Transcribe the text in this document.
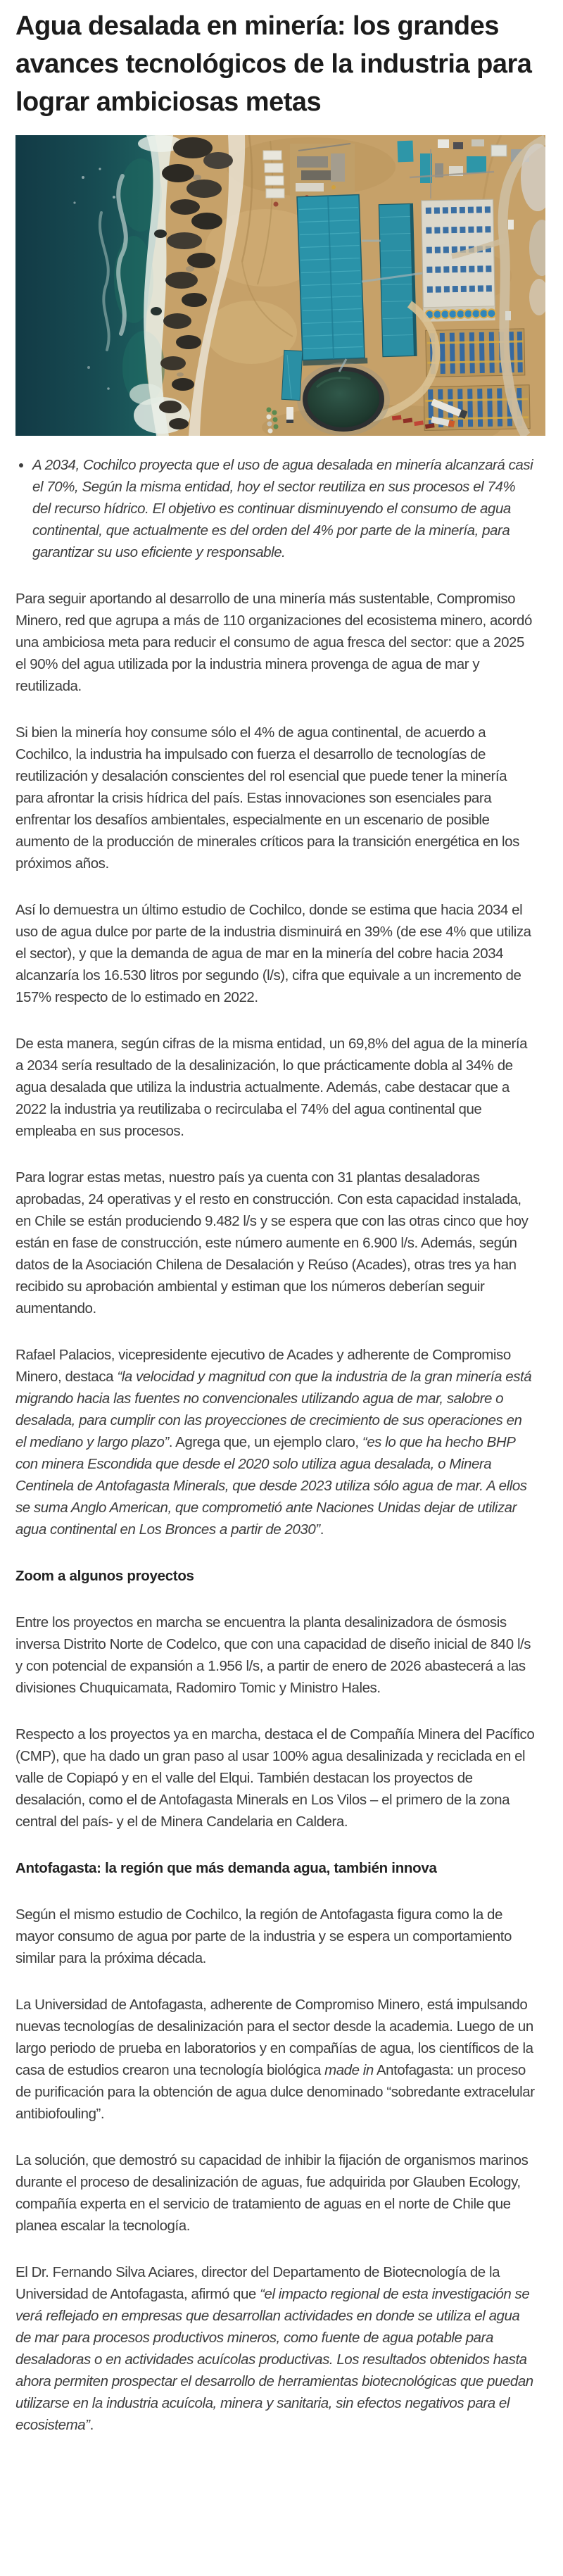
Agua desalada en minería: los grandes avances tecnológicos de la industria para lograr ambiciosas metas
• A 2034, Cochilco proyecta que el uso de agua desalada en minería alcanzará casi el 70%, Según la misma entidad, hoy el sector reutiliza en sus procesos el 74% del recurso hídrico. El objetivo es continuar disminuyendo el consumo de agua continental, que actualmente es del orden del 4% por parte de la minería, para garantizar su uso eficiente y responsable.

Para seguir aportando al desarrollo de una minería más sustentable, Compromiso Minero, red que agrupa a más de 110 organizaciones del ecosistema minero, acordó una ambiciosa meta para reducir el consumo de agua fresca del sector: que a 2025 el 90% del agua utilizada por la industria minera provenga de agua de mar y reutilizada.

Si bien la minería hoy consume sólo el 4% de agua continental, de acuerdo a Cochilco, la industria ha impulsado con fuerza el desarrollo de tecnologías de reutilización y desalación conscientes del rol esencial que puede tener la minería para afrontar la crisis hídrica del país. Estas innovaciones son esenciales para enfrentar los desafíos ambientales, especialmente en un escenario de posible aumento de la producción de minerales críticos para la transición energética en los próximos años.

Así lo demuestra un último estudio de Cochilco, donde se estima que hacia 2034 el uso de agua dulce por parte de la industria disminuirá en 39% (de ese 4% que utiliza el sector), y que la demanda de agua de mar en la minería del cobre hacia 2034 alcanzaría los 16.530 litros por segundo (l/s), cifra que equivale a un incremento de 157% respecto de lo estimado en 2022.

De esta manera, según cifras de la misma entidad, un 69,8% del agua de la minería a 2034 sería resultado de la desalinización, lo que prácticamente dobla al 34% de agua desalada que utiliza la industria actualmente. Además, cabe destacar que a 2022 la industria ya reutilizaba o recirculaba el 74% del agua continental que empleaba en sus procesos.

Para lograr estas metas, nuestro país ya cuenta con 31 plantas desaladoras aprobadas, 24 operativas y el resto en construcción. Con esta capacidad instalada, en Chile se están produciendo 9.482 l/s y se espera que con las otras cinco que hoy están en fase de construcción, este número aumente en 6.900 l/s. Además, según datos de la Asociación Chilena de Desalación y Reúso (Acades), otras tres ya han recibido su aprobación ambiental y estiman que los números deberían seguir aumentando.

Rafael Palacios, vicepresidente ejecutivo de Acades y adherente de Compromiso Minero, destaca “la velocidad y magnitud con que la industria de la gran minería está migrando hacia las fuentes no convencionales utilizando agua de mar, salobre o desalada, para cumplir con las proyecciones de crecimiento de sus operaciones en el mediano y largo plazo”. Agrega que, un ejemplo claro, “es lo que ha hecho BHP con minera Escondida que desde el 2020 solo utiliza agua desalada, o Minera Centinela de Antofagasta Minerals, que desde 2023 utiliza sólo agua de mar. A ellos se suma Anglo American, que comprometió ante Naciones Unidas dejar de utilizar agua continental en Los Bronces a partir de 2030”.

Zoom a algunos proyectos

Entre los proyectos en marcha se encuentra la planta desalinizadora de ósmosis inversa Distrito Norte de Codelco, que con una capacidad de diseño inicial de 840 l/s y con potencial de expansión a 1.956 l/s, a partir de enero de 2026 abastecerá a las divisiones Chuquicamata, Radomiro Tomic y Ministro Hales.

Respecto a los proyectos ya en marcha, destaca el de Compañía Minera del Pacífico (CMP), que ha dado un gran paso al usar 100% agua desalinizada y reciclada en el valle de Copiapó y en el valle del Elqui. También destacan los proyectos de desalación, como el de Antofagasta Minerals en Los Vilos – el primero de la zona central del país- y el de Minera Candelaria en Caldera.

Antofagasta: la región que más demanda agua, también innova

Según el mismo estudio de Cochilco, la región de Antofagasta figura como la de mayor consumo de agua por parte de la industria y se espera un comportamiento similar para la próxima década.

La Universidad de Antofagasta, adherente de Compromiso Minero, está impulsando nuevas tecnologías de desalinización para el sector desde la academia. Luego de un largo periodo de prueba en laboratorios y en compañías de agua, los científicos de la casa de estudios crearon una tecnología biológica made in Antofagasta: un proceso de purificación para la obtención de agua dulce denominado “sobredante extracelular antibiofouling”.

La solución, que demostró su capacidad de inhibir la fijación de organismos marinos durante el proceso de desalinización de aguas, fue adquirida por Glauben Ecology, compañía experta en el servicio de tratamiento de aguas en el norte de Chile que planea escalar la tecnología.

El Dr. Fernando Silva Aciares, director del Departamento de Biotecnología de la Universidad de Antofagasta, afirmó que “el impacto regional de esta investigación se verá reflejado en empresas que desarrollan actividades en donde se utiliza el agua de mar para procesos productivos mineros, como fuente de agua potable para desaladoras o en actividades acuícolas productivas. Los resultados obtenidos hasta ahora permiten prospectar el desarrollo de herramientas biotecnológicas que puedan utilizarse en la industria acuícola, minera y sanitaria, sin efectos negativos para el ecosistema”.
